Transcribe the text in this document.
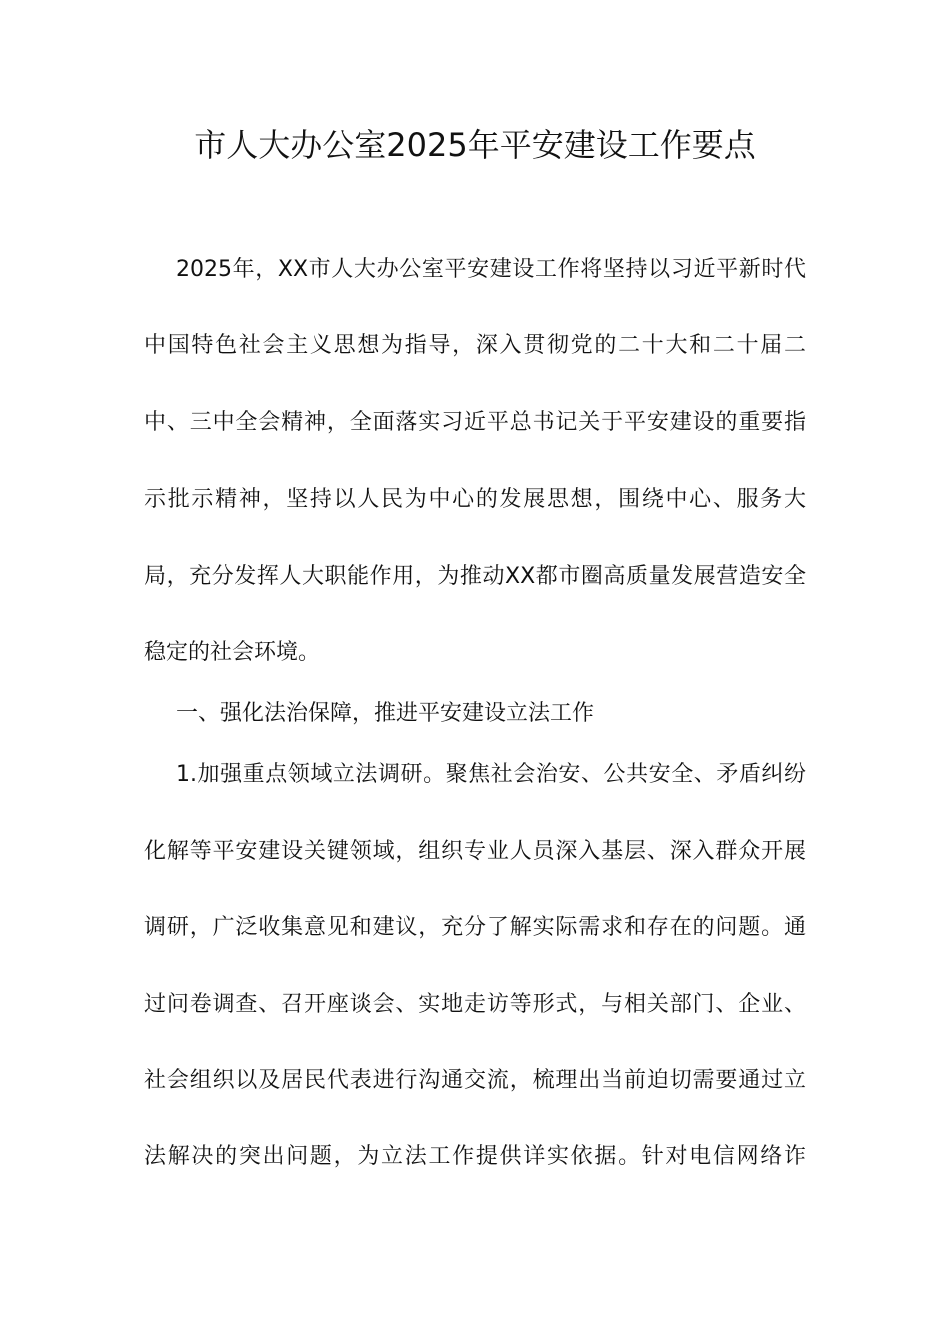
市人大办公室2025年平安建设工作要点
2025年，XX市人大办公室平安建设工作将坚持以习近平新时代
中国特色社会主义思想为指导，深入贯彻党的二十大和二十届二
中、三中全会精神，全面落实习近平总书记关于平安建设的重要指
示批示精神，坚持以人民为中心的发展思想，围绕中心、服务大
局，充分发挥人大职能作用，为推动XX都市圈高质量发展营造安全
稳定的社会环境。
一、强化法治保障，推进平安建设立法工作
1.加强重点领域立法调研。聚焦社会治安、公共安全、矛盾纠纷
化解等平安建设关键领域，组织专业人员深入基层、深入群众开展
调研，广泛收集意见和建议，充分了解实际需求和存在的问题。通
过问卷调查、召开座谈会、实地走访等形式，与相关部门、企业、
社会组织以及居民代表进行沟通交流，梳理出当前迫切需要通过立
法解决的突出问题，为立法工作提供详实依据。针对电信网络诈
